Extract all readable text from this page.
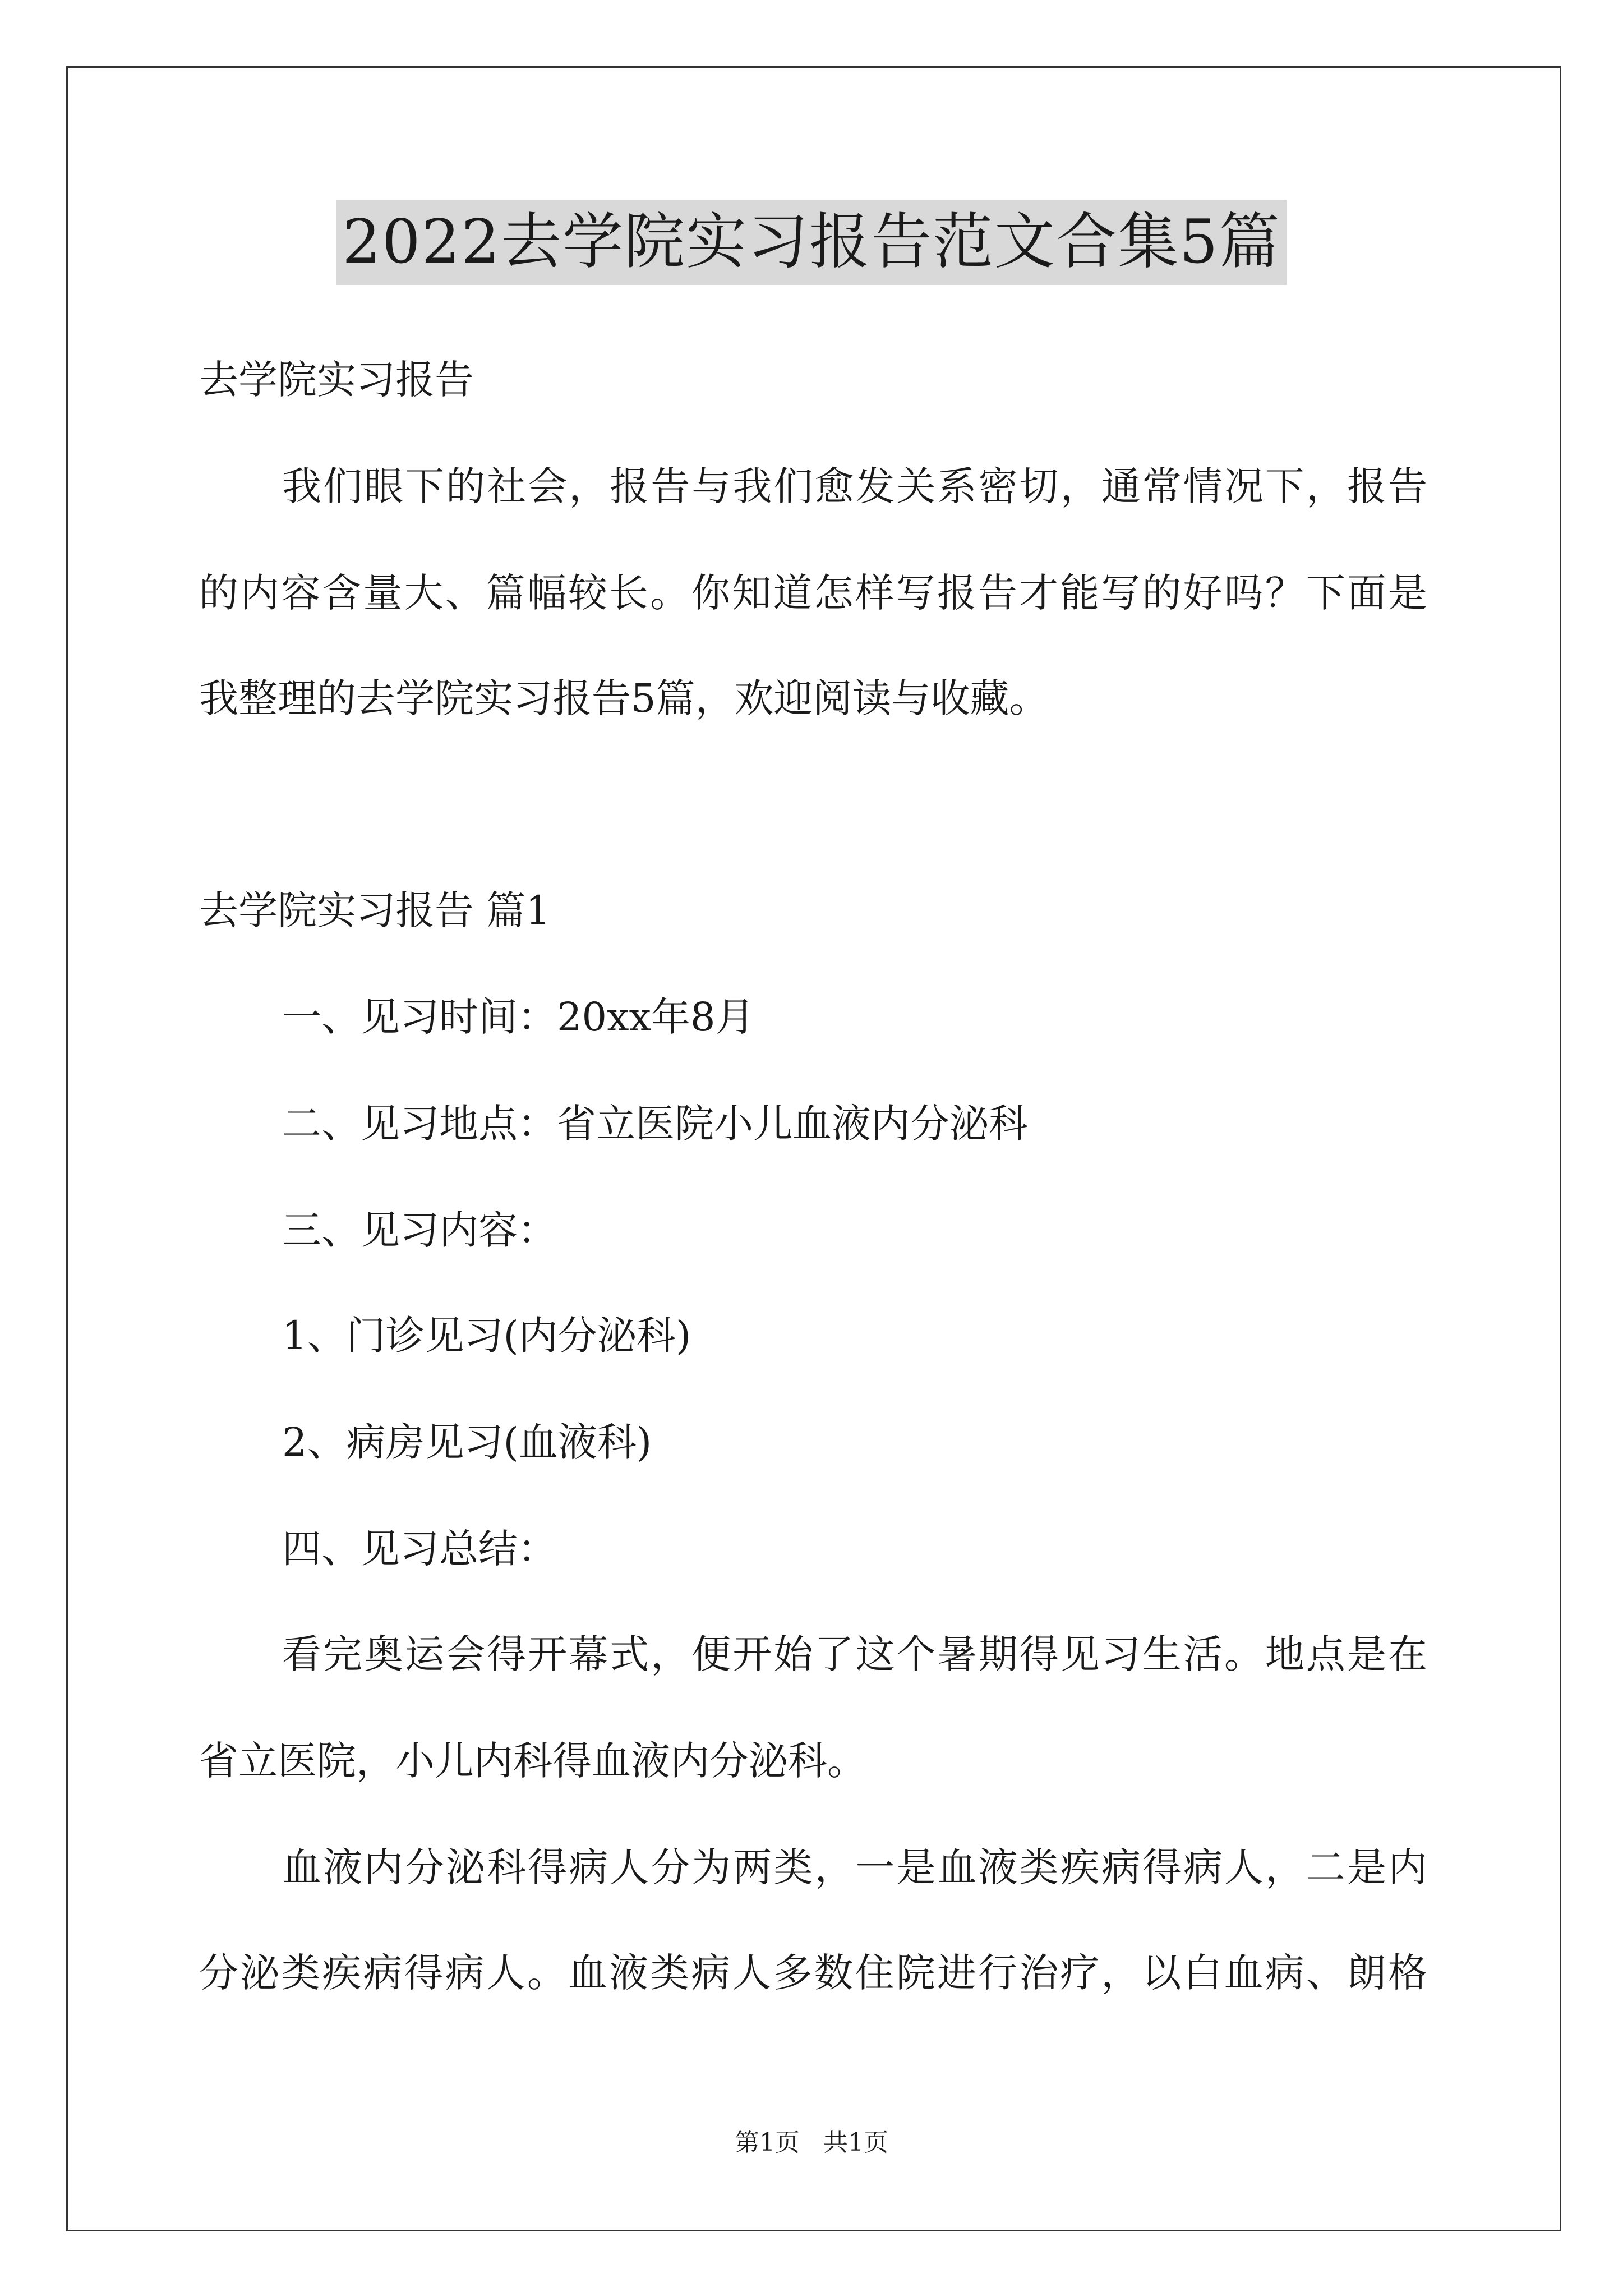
2022去学院实习报告范文合集5篇
去学院实习报告
我们眼下的社会，报告与我们愈发关系密切，通常情况下，报告
的内容含量大、篇幅较长。你知道怎样写报告才能写的好吗？下面是
我整理的去学院实习报告5篇，欢迎阅读与收藏。
去学院实习报告 篇1
一、见习时间：20xx年8月
二、见习地点：省立医院小儿血液内分泌科
三、见习内容：
1、门诊见习(内分泌科)
2、病房见习(血液科)
四、见习总结：
看完奥运会得开幕式，便开始了这个暑期得见习生活。地点是在
省立医院，小儿内科得血液内分泌科。
血液内分泌科得病人分为两类，一是血液类疾病得病人，二是内
分泌类疾病得病人。血液类病人多数住院进行治疗，以白血病、朗格
第1页 共1页
